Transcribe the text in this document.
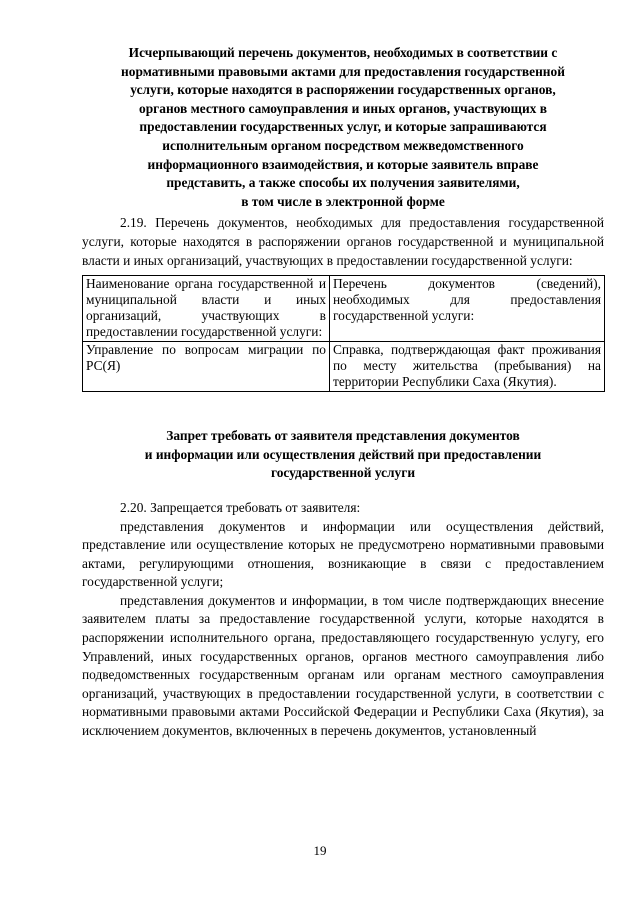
Исчерпывающий перечень документов, необходимых в соответствии с
нормативными правовыми актами для предоставления государственной
услуги, которые находятся в распоряжении государственных органов,
органов местного самоуправления и иных органов, участвующих в
предоставлении государственных услуг, и которые запрашиваются
исполнительным органом посредством межведомственного
информационного взаимодействия, и которые заявитель вправе
представить, а также способы их получения заявителями,
в том числе в электронной форме

2.19. Перечень документов, необходимых для предоставления государственной услуги, которые находятся в распоряжении органов государственной и муниципальной власти и иных организаций, участвующих в предоставлении государственной услуги:

Наименование органа государственной и муниципальной власти и иных организаций, участвующих в предоставлении государственной услуги:	Перечень документов (сведений), необходимых для предоставления государственной услуги:
Управление по вопросам миграции по РС(Я)	Справка, подтверждающая факт проживания по месту жительства (пребывания) на территории Республики Саха (Якутия).
Запрет требовать от заявителя представления документов
и информации или осуществления действий при предоставлении
государственной услуги

2.20. Запрещается требовать от заявителя:

представления документов и информации или осуществления действий, представление или осуществление которых не предусмотрено нормативными правовыми актами, регулирующими отношения, возникающие в связи с предоставлением государственной услуги;

представления документов и информации, в том числе подтверждающих внесение заявителем платы за предоставление государственной услуги, которые находятся в распоряжении исполнительного органа, предоставляющего государственную услугу, его Управлений, иных государственных органов, органов местного самоуправления либо подведомственных государственным органам или органам местного самоуправления организаций, участвующих в предоставлении государственной услуги, в соответствии с нормативными правовыми актами Российской Федерации и Республики Саха (Якутия), за исключением документов, включенных в перечень документов, установленный

19
